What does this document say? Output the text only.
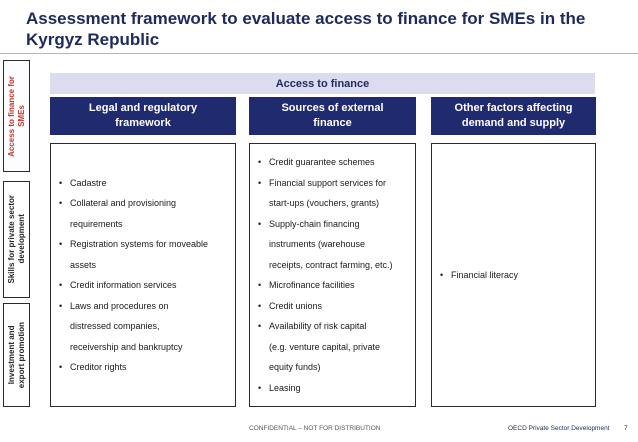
Assessment framework to evaluate access to finance for SMEs in the
Kyrgyz Republic
Access to finance for
SMEs
Skills for private sector
development
Investment and
export promotion
Access to finance
Legal and regulatory
framework
Sources of external
finance
Other factors affecting
demand and supply
• Cadastre
• Collateral and provisioning
requirements
• Registration systems for moveable
assets
• Credit information services
• Laws and procedures on
distressed companies,
receivership and bankruptcy
• Creditor rights
• Credit guarantee schemes
• Financial support services for
start-ups (vouchers, grants)
• Supply-chain financing
instruments (warehouse
receipts, contract farming, etc.)
• Microfinance facilities
• Credit unions
• Availability of risk capital
(e.g. venture capital, private
equity funds)
• Leasing
• Financial literacy
CONFIDENTIAL – NOT FOR DISTRIBUTION	OECD Private Sector Development 7
